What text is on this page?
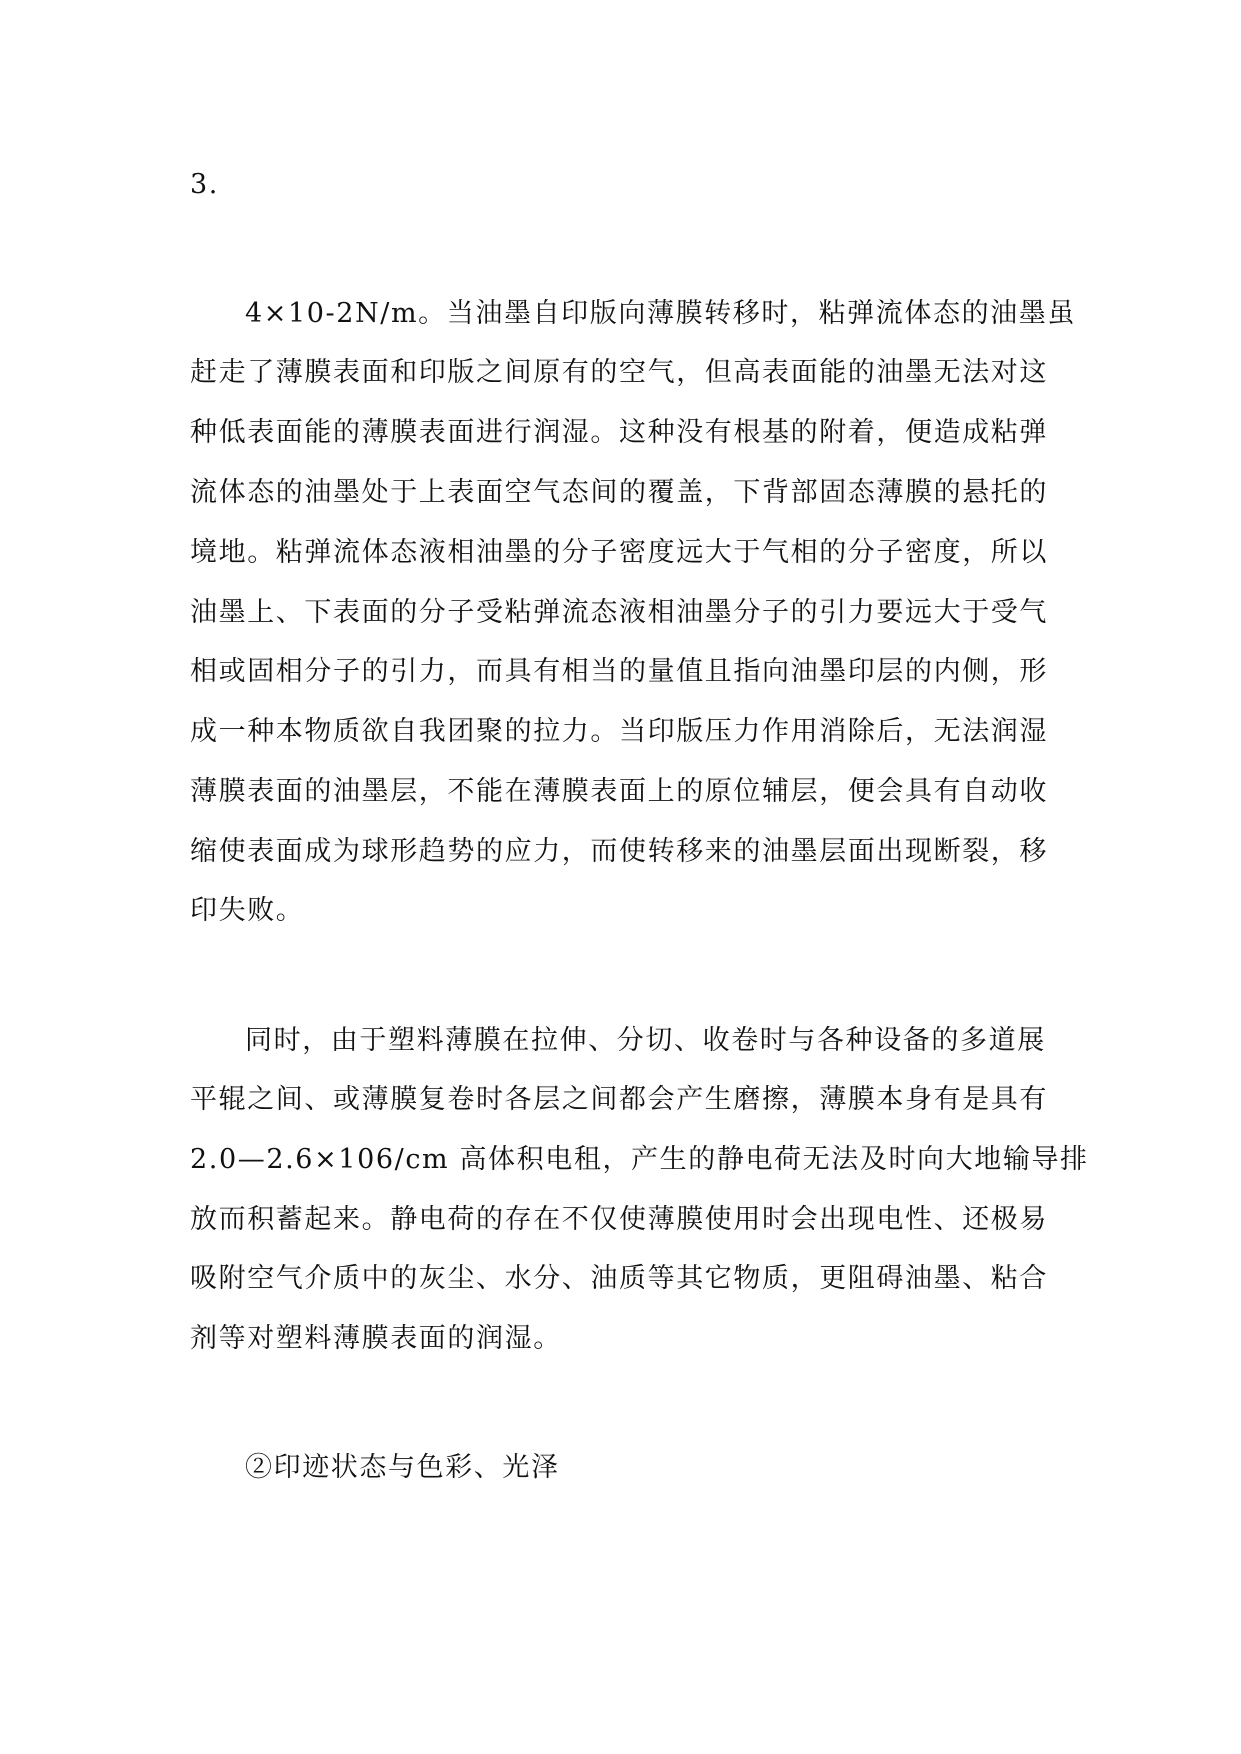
3.
4×10-2N/m。当油墨自印版向薄膜转移时，粘弹流体态的油墨虽
赶走了薄膜表面和印版之间原有的空气，但高表面能的油墨无法对这
种低表面能的薄膜表面进行润湿。这种没有根基的附着，便造成粘弹
流体态的油墨处于上表面空气态间的覆盖，下背部固态薄膜的悬托的
境地。粘弹流体态液相油墨的分子密度远大于气相的分子密度，所以
油墨上、下表面的分子受粘弹流态液相油墨分子的引力要远大于受气
相或固相分子的引力，而具有相当的量值且指向油墨印层的内侧，形
成一种本物质欲自我团聚的拉力。当印版压力作用消除后，无法润湿
薄膜表面的油墨层，不能在薄膜表面上的原位辅层，便会具有自动收
缩使表面成为球形趋势的应力，而使转移来的油墨层面出现断裂，移
印失败。
同时，由于塑料薄膜在拉伸、分切、收卷时与各种设备的多道展
平辊之间、或薄膜复卷时各层之间都会产生磨擦，薄膜本身有是具有
2.0—2.6×106/cm 高体积电租，产生的静电荷无法及时向大地输导排
放而积蓄起来。静电荷的存在不仅使薄膜使用时会出现电性、还极易
吸附空气介质中的灰尘、水分、油质等其它物质，更阻碍油墨、粘合
剂等对塑料薄膜表面的润湿。
②印迹状态与色彩、光泽
